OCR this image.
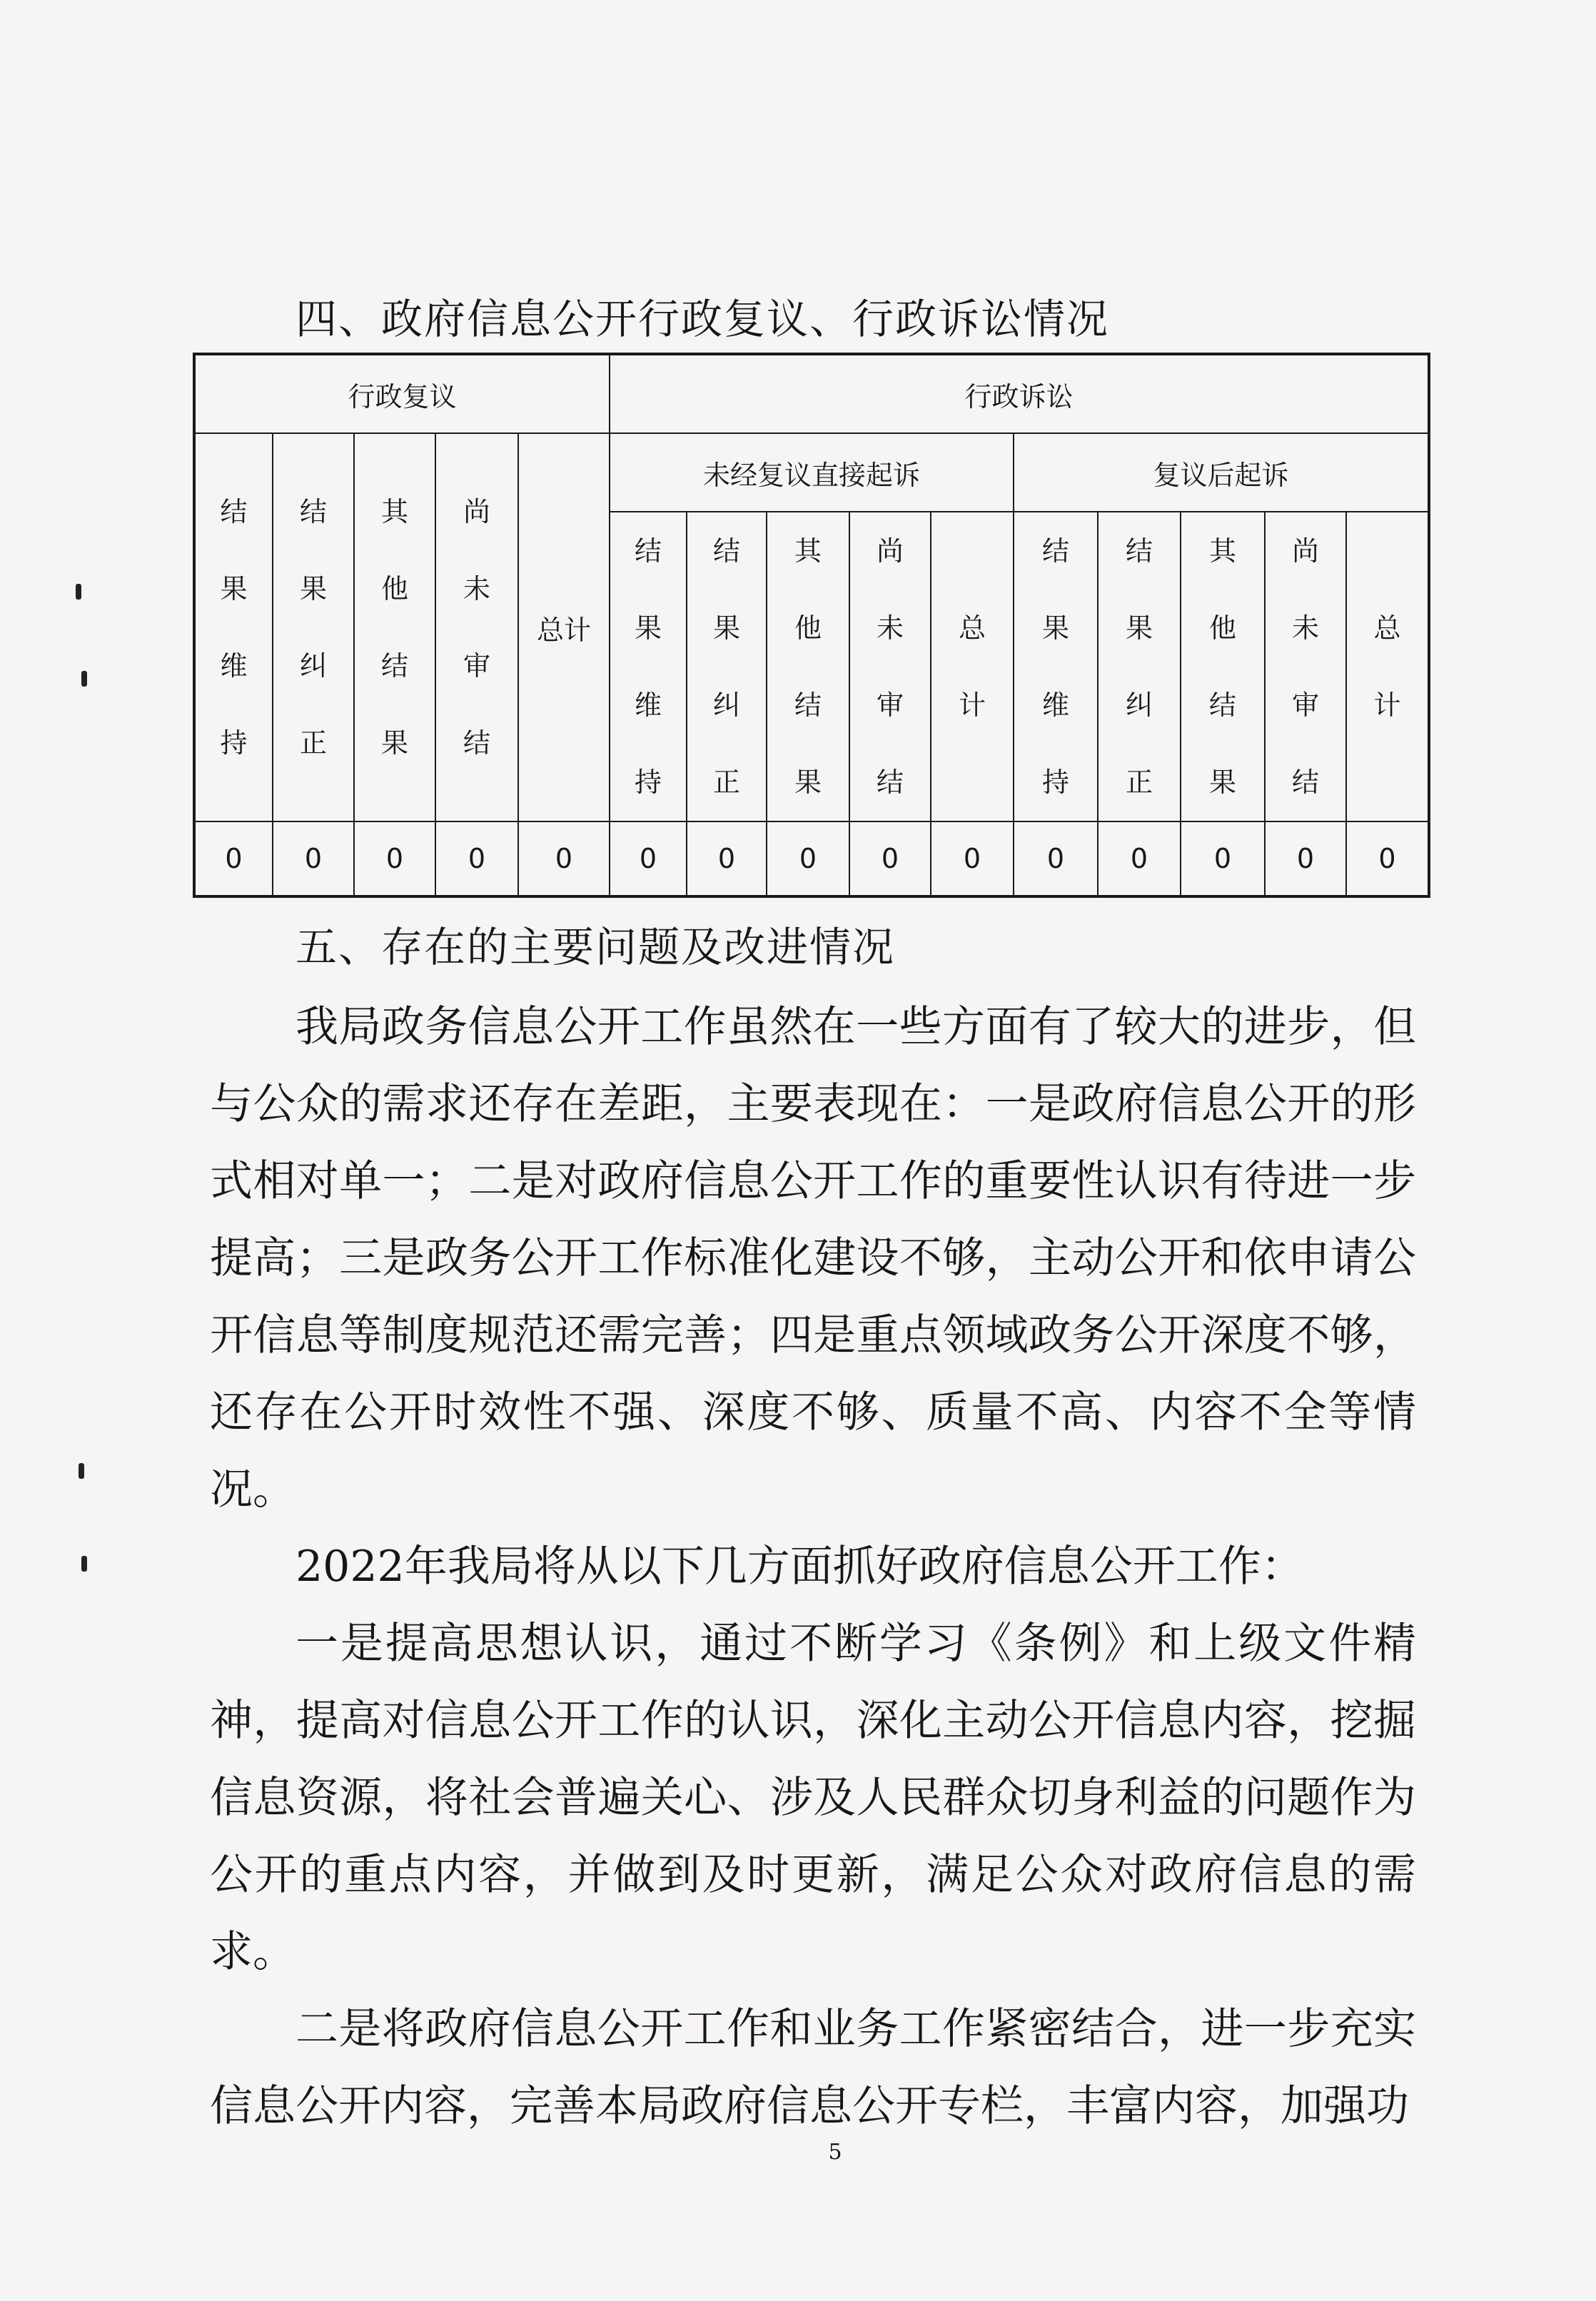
四、政府信息公开行政复议、行政诉讼情况
行政复议					行政诉讼									

结果维持	结果纠正	其他结果	尚未审结	总计	未经复议直接起诉					复议后起诉				

					结果维持	结果纠正	其他结果	尚未审结	总计	结果维持	结果纠正	其他结果	尚未审结	总计

0	0	0	0	0	0	0	0	0	0	0	0	0	0	0
五、存在的主要问题及改进情况

我局政务信息公开工作虽然在一些方面有了较大的进步，但与公众的需求还存在差距，主要表现在：一是政府信息公开的形式相对单一；二是对政府信息公开工作的重要性认识有待进一步提高；三是政务公开工作标准化建设不够，主动公开和依申请公开信息等制度规范还需完善；四是重点领域政务公开深度不够，还存在公开时效性不强、深度不够、质量不高、内容不全等情况。

2022年我局将从以下几方面抓好政府信息公开工作：

一是提高思想认识，通过不断学习《条例》和上级文件精神，提高对信息公开工作的认识，深化主动公开信息内容，挖掘信息资源，将社会普遍关心、涉及人民群众切身利益的问题作为公开的重点内容，并做到及时更新，满足公众对政府信息的需求。

二是将政府信息公开工作和业务工作紧密结合，进一步充实信息公开内容，完善本局政府信息公开专栏，丰富内容，加强功

5
